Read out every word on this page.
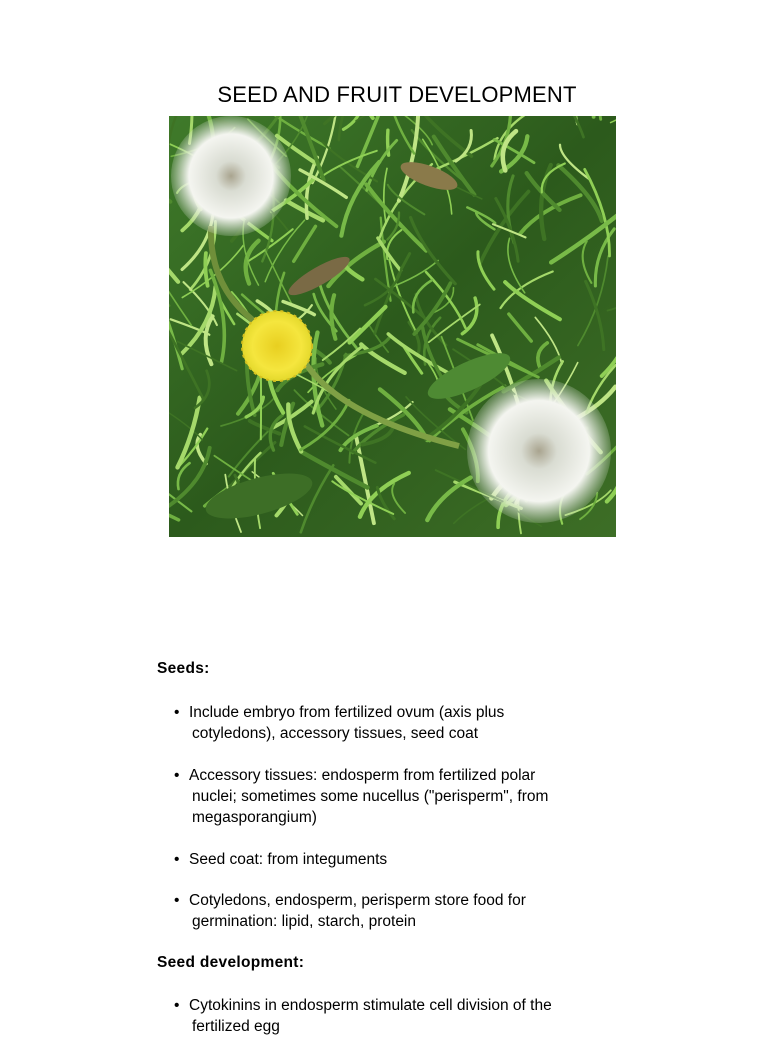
SEED AND FRUIT DEVELOPMENT
Seeds:
• Include embryo from fertilized ovum (axis plus
cotyledons), accessory tissues, seed coat
• Accessory tissues: endosperm from fertilized polar
nuclei; sometimes some nucellus ("perisperm", from
megasporangium)
• Seed coat: from integuments
• Cotyledons, endosperm, perisperm store food for
germination: lipid, starch, protein
Seed development:
• Cytokinins in endosperm stimulate cell division of the
fertilized egg
